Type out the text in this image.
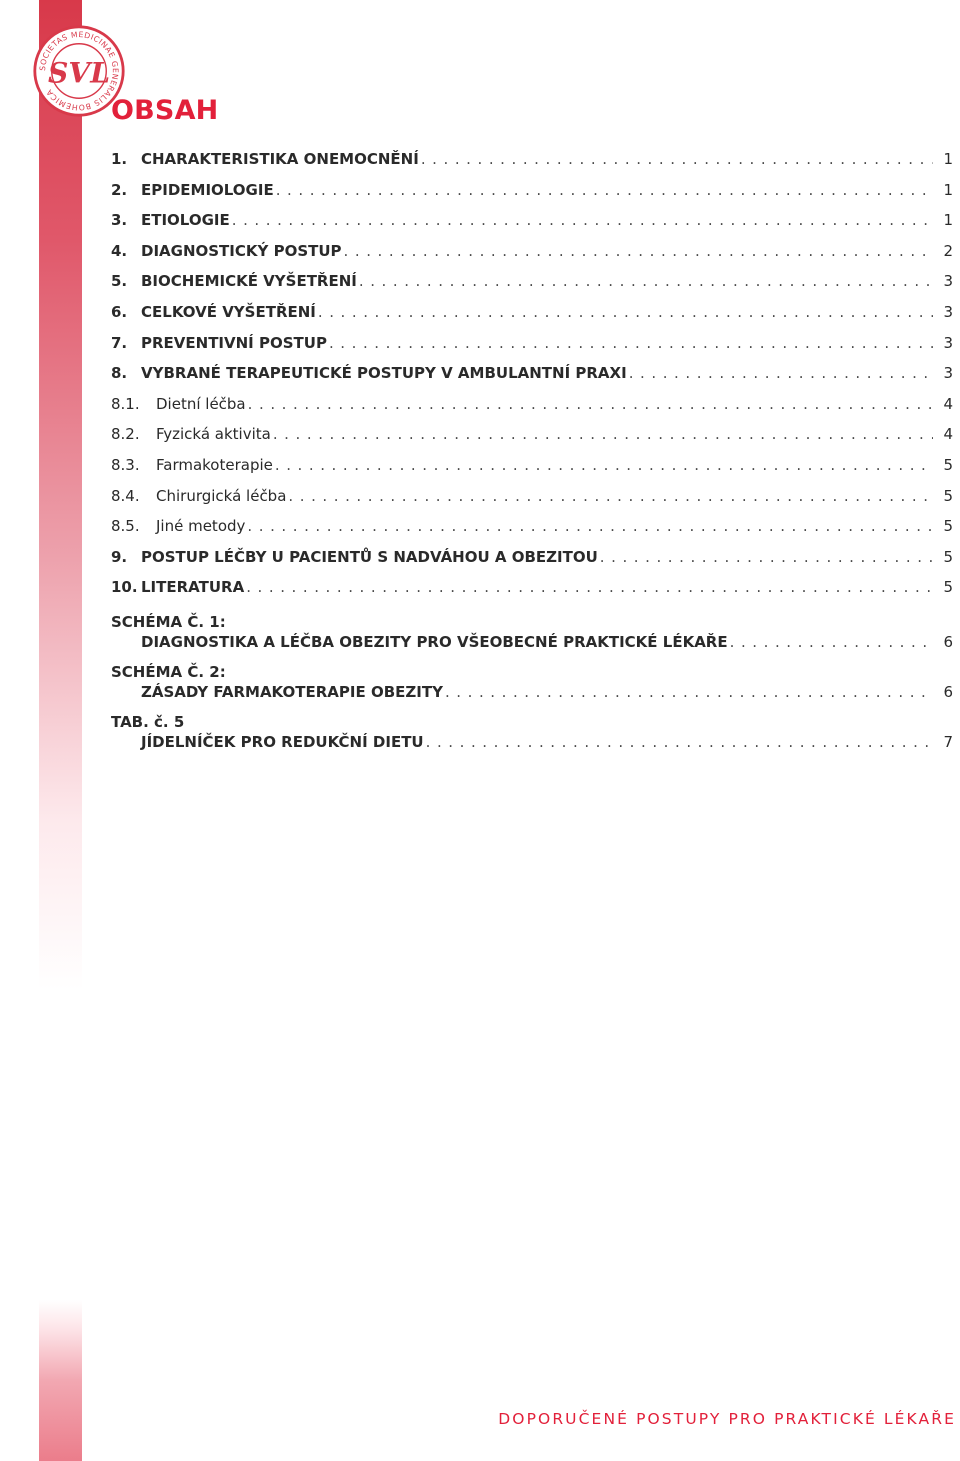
SOCIETAS MEDICINAE GENERALIS BOHEMICA
SVL
OBSAH
1. CHARAKTERISTIKA ONEMOCNĚNÍ . . .	1
2. EPIDEMIOLOGIE . . .	1
3. ETIOLOGIE . . .	1
4. DIAGNOSTICKÝ POSTUP . . .	2
5. BIOCHEMICKÉ VYŠETŘENÍ . . .	3
6. CELKOVÉ VYŠETŘENÍ . . .	3
7. PREVENTIVNÍ POSTUP . . .	3
8. VYBRANÉ TERAPEUTICKÉ POSTUPY V AMBULANTNÍ PRAXI . . .	3
8.1.	Dietní léčba . . .	4
8.2.	Fyzická aktivita . . .	4
8.3.	Farmakoterapie . . .	5
8.4.	Chirurgická léčba . . .	5
8.5.	Jiné metody . . .	5
9. POSTUP LÉČBY U PACIENTŮ S NADVÁHOU A OBEZITOU . . .	5
10. LITERATURA . . .	5
SCHÉMA Č. 1:
DIAGNOSTIKA A LÉČBA OBEZITY PRO VŠEOBECNÉ PRAKTICKÉ LÉKAŘE . . .	6
SCHÉMA Č. 2:
ZÁSADY FARMAKOTERAPIE OBEZITY . . .	6
TAB. č. 5
JÍDELNÍČEK PRO REDUKČNÍ DIETU . . .	7
DOPORUČENÉ POSTUPY PRO PRAKTICKÉ LÉKAŘE
